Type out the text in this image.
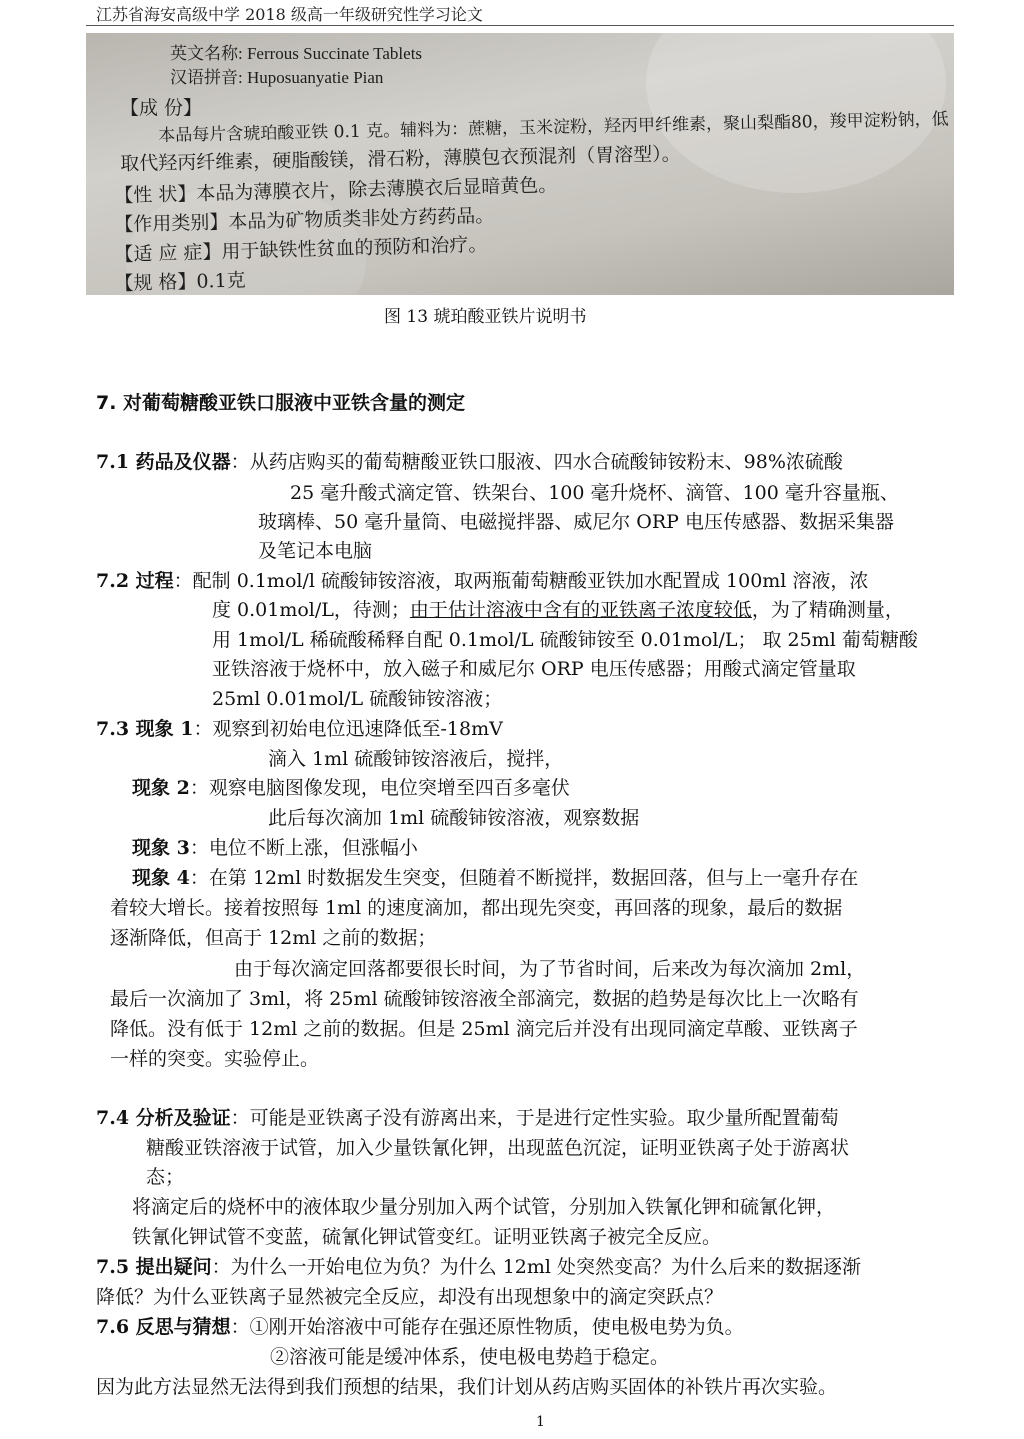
江苏省海安高级中学 2018 级高一年级研究性学习论文
英文名称: Ferrous Succinate Tablets
汉语拼音: Huposuanyatie Pian
【成 份】
本品每片含琥珀酸亚铁 0.1 克。辅料为：蔗糖，玉米淀粉，羟丙甲纤维素，聚山梨酯80，羧甲淀粉钠，低
取代羟丙纤维素，硬脂酸镁，滑石粉，薄膜包衣预混剂（胃溶型）。
【性 状】本品为薄膜衣片，除去薄膜衣后显暗黄色。
【作用类别】本品为矿物质类非处方药药品。
【适 应 症】用于缺铁性贫血的预防和治疗。
【规 格】0.1克
图 13 琥珀酸亚铁片说明书
7. 对葡萄糖酸亚铁口服液中亚铁含量的测定
7.1 药品及仪器：从药店购买的葡萄糖酸亚铁口服液、四水合硫酸铈铵粉末、98%浓硫酸
25 毫升酸式滴定管、铁架台、100 毫升烧杯、滴管、100 毫升容量瓶、
玻璃棒、50 毫升量筒、电磁搅拌器、威尼尔 ORP 电压传感器、数据采集器
及笔记本电脑
7.2 过程：配制 0.1mol/l 硫酸铈铵溶液，取两瓶葡萄糖酸亚铁加水配置成 100ml 溶液，浓
度 0.01mol/L，待测；由于估计溶液中含有的亚铁离子浓度较低，为了精确测量，
用 1mol/L 稀硫酸稀释自配 0.1mol/L 硫酸铈铵至 0.01mol/L； 取 25ml 葡萄糖酸
亚铁溶液于烧杯中，放入磁子和威尼尔 ORP 电压传感器；用酸式滴定管量取
25ml 0.01mol/L 硫酸铈铵溶液；
7.3 现象 1：观察到初始电位迅速降低至-18mV
滴入 1ml 硫酸铈铵溶液后，搅拌，
现象 2：观察电脑图像发现，电位突增至四百多毫伏
此后每次滴加 1ml 硫酸铈铵溶液，观察数据
现象 3：电位不断上涨，但涨幅小
现象 4：在第 12ml 时数据发生突变，但随着不断搅拌，数据回落，但与上一毫升存在
着较大增长。接着按照每 1ml 的速度滴加，都出现先突变，再回落的现象，最后的数据
逐渐降低，但高于 12ml 之前的数据；
由于每次滴定回落都要很长时间，为了节省时间，后来改为每次滴加 2ml，
最后一次滴加了 3ml，将 25ml 硫酸铈铵溶液全部滴完，数据的趋势是每次比上一次略有
降低。没有低于 12ml 之前的数据。但是 25ml 滴完后并没有出现同滴定草酸、亚铁离子
一样的突变。实验停止。
7.4 分析及验证：可能是亚铁离子没有游离出来，于是进行定性实验。取少量所配置葡萄
糖酸亚铁溶液于试管，加入少量铁氰化钾，出现蓝色沉淀，证明亚铁离子处于游离状
态；
将滴定后的烧杯中的液体取少量分别加入两个试管，分别加入铁氰化钾和硫氰化钾，
铁氰化钾试管不变蓝，硫氰化钾试管变红。证明亚铁离子被完全反应。
7.5 提出疑问：为什么一开始电位为负？为什么 12ml 处突然变高？为什么后来的数据逐渐
降低？为什么亚铁离子显然被完全反应，却没有出现想象中的滴定突跃点？
7.6 反思与猜想：①刚开始溶液中可能存在强还原性物质，使电极电势为负。
②溶液可能是缓冲体系，使电极电势趋于稳定。
因为此方法显然无法得到我们预想的结果，我们计划从药店购买固体的补铁片再次实验。
1
